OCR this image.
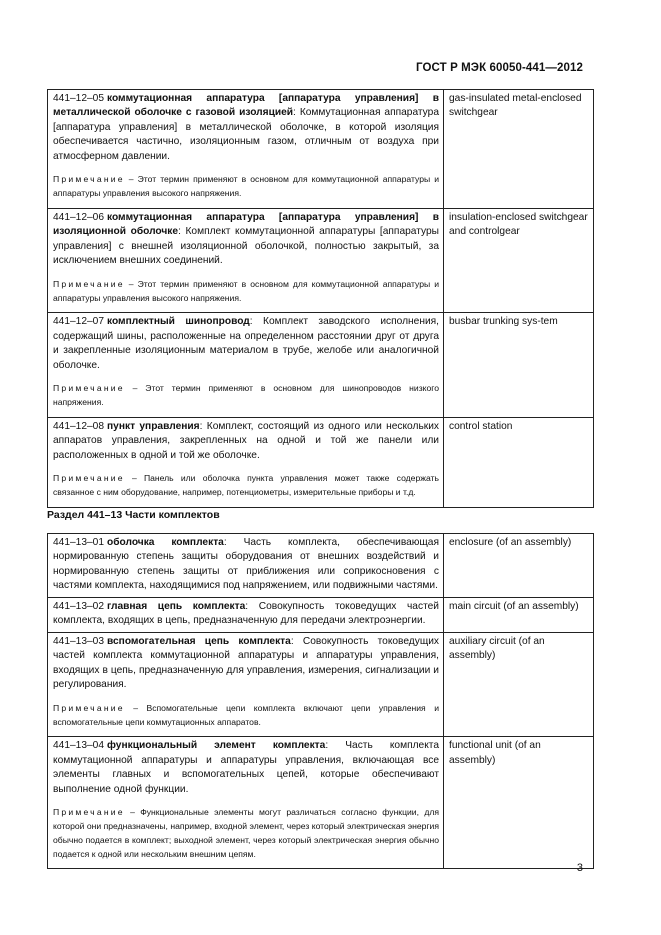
ГОСТ Р МЭК 60050-441—2012
441–12–05 коммутационная аппаратура [аппаратура управления] в металлической оболочке с газовой изоляцией: Коммутационная аппаратура [аппаратура управления] в металлической оболочке, в которой изоляция обеспечивается частично, изоляционным газом, отличным от воздуха при атмосферном давлении.
Примечание – Этот термин применяют в основном для коммутационной аппаратуры и аппаратуры управления высокого напряжения.	gas-insulated metal-enclosed switchgear

441–12–06 коммутационная аппаратура [аппаратура управления] в изоляционной оболочке: Комплект коммутационной аппаратуры [аппаратуры управления] с внешней изоляционной оболочкой, полностью закрытый, за исключением внешних соединений.
Примечание – Этот термин применяют в основном для коммутационной аппаратуры и аппаратуры управления высокого напряжения.	insulation-enclosed switchgear and controlgear

441–12–07 комплектный шинопровод: Комплект заводского исполнения, содержащий шины, расположенные на определенном расстоянии друг от друга и закрепленные изоляционным материалом в трубе, желобе или аналогичной оболочке.
Примечание – Этот термин применяют в основном для шинопроводов низкого напряжения.	busbar trunking sys-tem

441–12–08 пункт управления: Комплект, состоящий из одного или нескольких аппаратов управления, закрепленных на одной и той же панели или расположенных в одной и той же оболочке.
Примечание – Панель или оболочка пункта управления может также содержать связанное с ним оборудование, например, потенциометры, измерительные приборы и т.д.	control station
Раздел 441–13 Части комплектов
441–13–01 оболочка комплекта: Часть комплекта, обеспечивающая нормированную степень защиты оборудования от внешних воздействий и нормированную степень защиты от приближения или соприкосновения с частями комплекта, находящимися под напряжением, или подвижными частями.	enclosure (of an assembly)

441–13–02 главная цепь комплекта: Совокупность токоведущих частей комплекта, входящих в цепь, предназначенную для передачи электроэнергии.	main circuit (of an assembly)

441–13–03 вспомогательная цепь комплекта: Совокупность токоведущих частей комплекта коммутационной аппаратуры и аппаратуры управления, входящих в цепь, предназначенную для управления, измерения, сигнализации и регулирования.
Примечание – Вспомогательные цепи комплекта включают цепи управления и вспомогательные цепи коммутационных аппаратов.	auxiliary circuit (of an assembly)

441–13–04 функциональный элемент комплекта: Часть комплекта коммутационной аппаратуры и аппаратуры управления, включающая все элементы главных и вспомогательных цепей, которые обеспечивают выполнение одной функции.
Примечание – Функциональные элементы могут различаться согласно функции, для которой они предназначены, например, входной элемент, через который электрическая энергия обычно подается в комплект; выходной элемент, через который электрическая энергия обычно подается к одной или нескольким внешним цепям.	functional unit (of an assembly)
3
